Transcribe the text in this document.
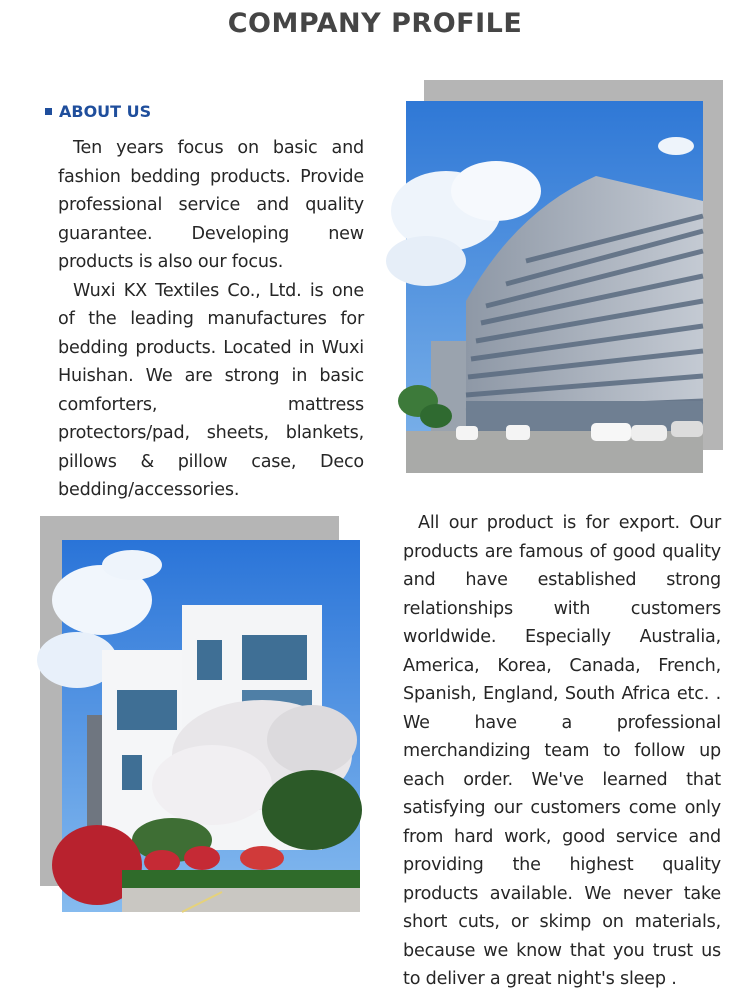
COMPANY PROFILE
ABOUT US

Ten years focus on basic and fashion bedding products. Provide professional service and quality guarantee. Developing new products is also our focus.

Wuxi KX Textiles Co., Ltd. is one of the leading manufactures for bedding products. Located in Wuxi Huishan. We are strong in basic comforters, mattress protectors/pad, sheets, blankets, pillows & pillow case, Deco bedding/accessories.

All our product is for export. Our products are famous of good quality and have established strong relationships with customers worldwide. Especially Australia, America, Korea, Canada, French, Spanish, England, South Africa etc. . We have a professional merchandizing team to follow up each order. We've learned that satisfying our customers come only from hard work, good service and providing the highest quality products available. We never take short cuts, or skimp on materials, because we know that you trust us to deliver a great night's sleep .
